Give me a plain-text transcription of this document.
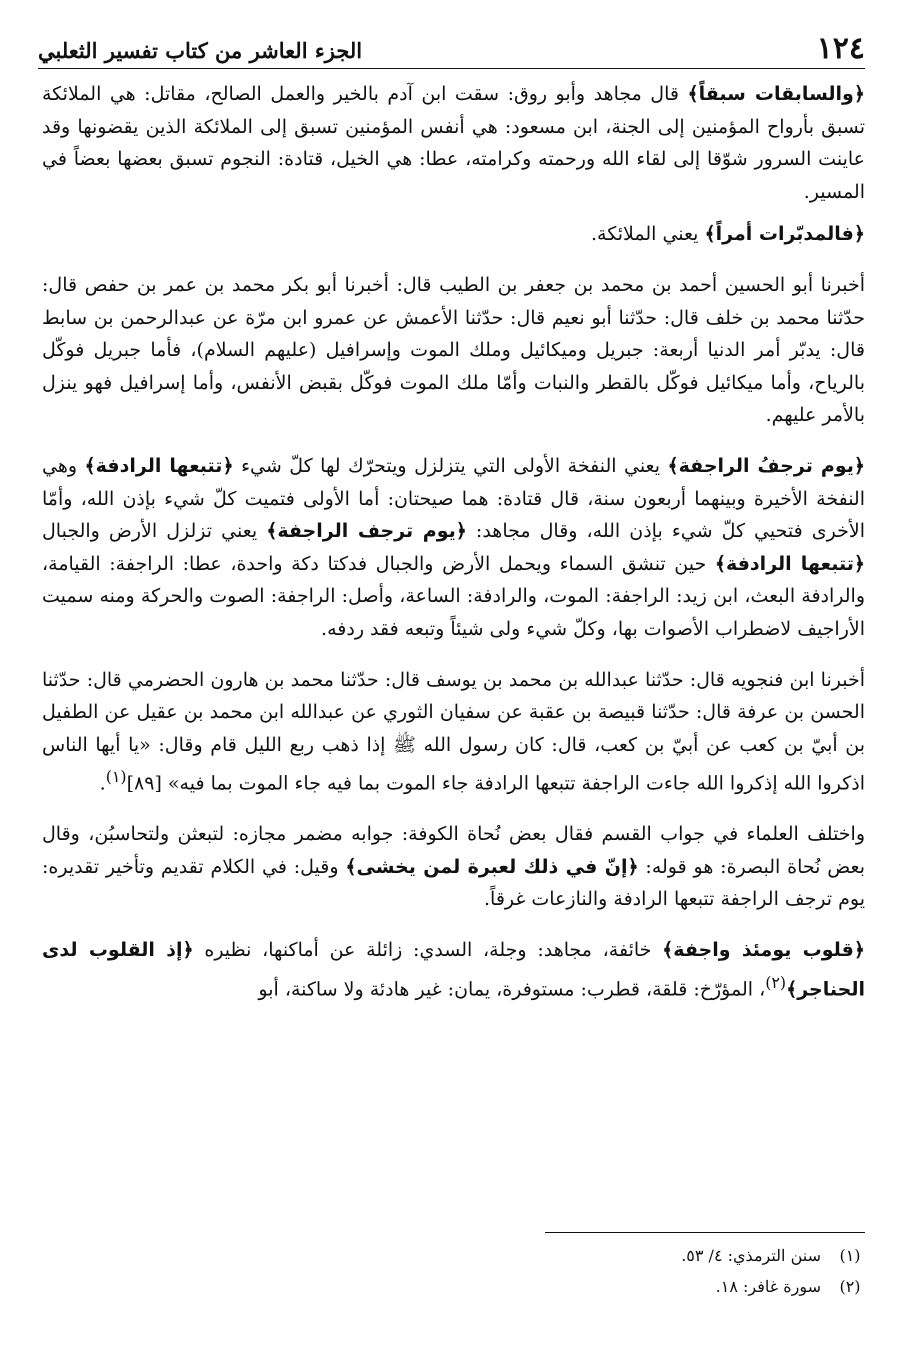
١٢٤
الجزء العاشر من كتاب تفسير الثعلبي

﴿والسابقات سبقاً﴾ قال مجاهد وأبو روق: سقت ابن آدم بالخير والعمل الصالح، مقاتل: هي الملائكة تسبق بأرواح المؤمنين إلى الجنة، ابن مسعود: هي أنفس المؤمنين تسبق إلى الملائكة الذين يقضونها وقد عاينت السرور شوّقا إلى لقاء الله ورحمته وكرامته، عطا: هي الخيل، قتادة: النجوم تسبق بعضها بعضاً في المسير.

﴿فالمدبّرات أمراً﴾ يعني الملائكة.

أخبرنا أبو الحسين أحمد بن محمد بن جعفر بن الطيب قال: أخبرنا أبو بكر محمد بن عمر بن حفص قال: حدّثنا محمد بن خلف قال: حدّثنا أبو نعيم قال: حدّثنا الأعمش عن عمرو ابن مرّة عن عبدالرحمن بن سابط قال: يدبّر أمر الدنيا أربعة: جبريل وميكائيل وملك الموت وإسرافيل (عليهم السلام)، فأما جبريل فوكّل بالرياح، وأما ميكائيل فوكّل بالقطر والنبات وأمّا ملك الموت فوكّل بقبض الأنفس، وأما إسرافيل فهو ينزل بالأمر عليهم.

﴿يوم ترجفُ الراجفة﴾ يعني النفخة الأولى التي يتزلزل ويتحرّك لها كلّ شيء ﴿تتبعها الرادفة﴾ وهي النفخة الأخيرة وبينهما أربعون سنة، قال قتادة: هما صيحتان: أما الأولى فتميت كلّ شيء بإذن الله، وأمّا الأخرى فتحيي كلّ شيء بإذن الله، وقال مجاهد: ﴿يوم ترجف الراجفة﴾ يعني تزلزل الأرض والجبال ﴿تتبعها الرادفة﴾ حين تنشق السماء ويحمل الأرض والجبال فدكتا دكة واحدة، عطا: الراجفة: القيامة، والرادفة البعث، ابن زيد: الراجفة: الموت، والرادفة: الساعة، وأصل: الراجفة: الصوت والحركة ومنه سميت الأراجيف لاضطراب الأصوات بها، وكلّ شيء ولى شيئاً وتبعه فقد ردفه.

أخبرنا ابن فنجويه قال: حدّثنا عبدالله بن محمد بن يوسف قال: حدّثنا محمد بن هارون الحضرمي قال: حدّثنا الحسن بن عرفة قال: حدّثنا قبيصة بن عقبة عن سفيان الثوري عن عبدالله ابن محمد بن عقيل عن الطفيل بن أبيّ بن كعب عن أبيّ بن كعب، قال: كان رسول الله ﷺ إذا ذهب ربع الليل قام وقال: «يا أيها الناس اذكروا الله إذكروا الله جاءت الراجفة تتبعها الرادفة جاء الموت بما فيه جاء الموت بما فيه» [٨٩]$^{(١)}$.

واختلف العلماء في جواب القسم فقال بعض نُحاة الكوفة: جوابه مضمر مجازه: لتبعثن ولتحاسبُن، وقال بعض نُحاة البصرة: هو قوله: ﴿إنّ في ذلك لعبرة لمن يخشى﴾ وقيل: في الكلام تقديم وتأخير تقديره: يوم ترجف الراجفة تتبعها الرادفة والنازعات غرقاً.

﴿قلوب يومئذ واجفة﴾ خائفة، مجاهد: وجلة، السدي: زائلة عن أماكنها، نظيره ﴿إذ القلوب لدى الحناجر﴾$^{(٢)}$، المؤرّخ: قلقة، قطرب: مستوفرة، يمان: غير هادئة ولا ساكنة، أبو

(١)
سنن الترمذي: ٤/ ٥٣.
(٢)
سورة غافر: ١٨.
